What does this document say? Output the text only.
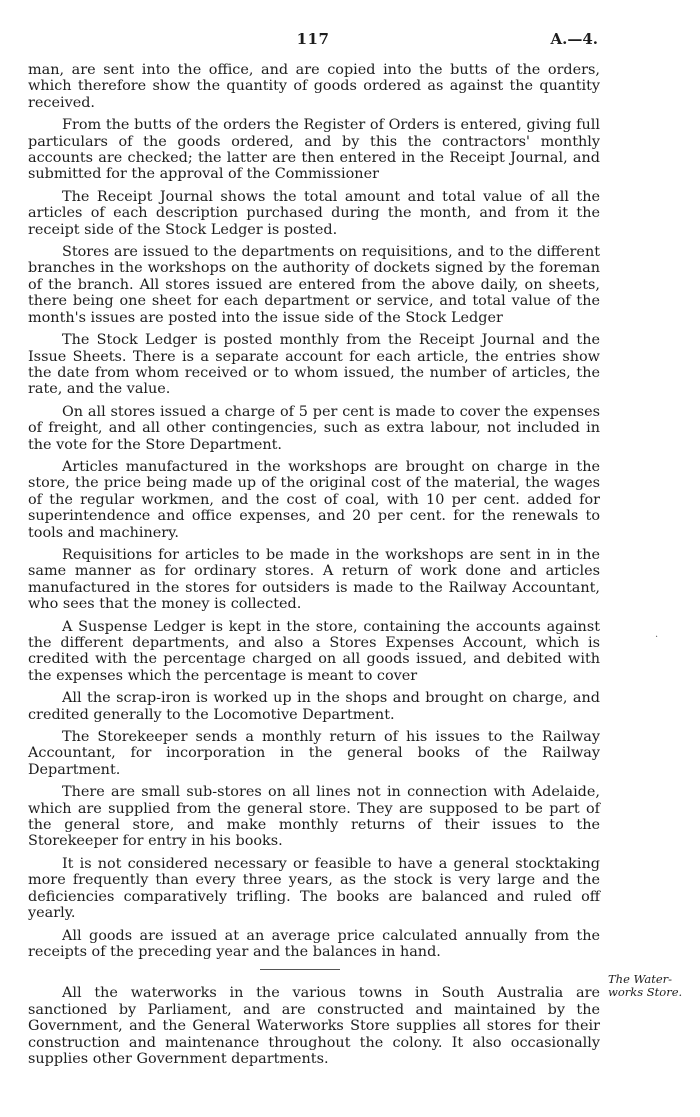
117	A.—4.

man, are sent into the office, and are copied into the butts of the orders, which therefore show the quantity of goods ordered as against the quantity received.

From the butts of the orders the Register of Orders is entered, giving full particulars of the goods ordered, and by this the contractors' monthly accounts are checked; the latter are then entered in the Receipt Journal, and submitted for the approval of the Commissioner

The Receipt Journal shows the total amount and total value of all the articles of each description purchased during the month, and from it the receipt side of the Stock Ledger is posted.

Stores are issued to the departments on requisitions, and to the different branches in the workshops on the authority of dockets signed by the foreman of the branch. All stores issued are entered from the above daily, on sheets, there being one sheet for each department or service, and total value of the month's issues are posted into the issue side of the Stock Ledger

The Stock Ledger is posted monthly from the Receipt Journal and the Issue Sheets. There is a separate account for each article, the entries show the date from whom received or to whom issued, the number of articles, the rate, and the value.

On all stores issued a charge of 5 per cent is made to cover the expenses of freight, and all other contingencies, such as extra labour, not included in the vote for the Store Department.

Articles manufactured in the workshops are brought on charge in the store, the price being made up of the original cost of the material, the wages of the regular workmen, and the cost of coal, with 10 per cent. added for superintendence and office expenses, and 20 per cent. for the renewals to tools and machinery.

Requisitions for articles to be made in the workshops are sent in in the same manner as for ordinary stores. A return of work done and articles manufactured in the stores for outsiders is made to the Railway Accountant, who sees that the money is collected.

A Suspense Ledger is kept in the store, containing the accounts against the different departments, and also a Stores Expenses Account, which is credited with the percentage charged on all goods issued, and debited with the expenses which the percentage is meant to cover

All the scrap-iron is worked up in the shops and brought on charge, and credited generally to the Locomotive Department.

The Storekeeper sends a monthly return of his issues to the Railway Accountant, for incorporation in the general books of the Railway Department.

There are small sub-stores on all lines not in connection with Adelaide, which are supplied from the general store. They are supposed to be part of the general store, and make monthly returns of their issues to the Storekeeper for entry in his books.

It is not considered necessary or feasible to have a general stocktaking more frequently than every three years, as the stock is very large and the deficiencies comparatively trifling. The books are balanced and ruled off yearly.

All goods are issued at an average price calculated annually from the receipts of the preceding year and the balances in hand.

All the waterworks in the various towns in South Australia are sanctioned by Parliament, and are constructed and maintained by the Government, and the General Waterworks Store supplies all stores for their construction and maintenance throughout the colony. It also occasionally supplies other Government departments.

The Water-works Store.
·
